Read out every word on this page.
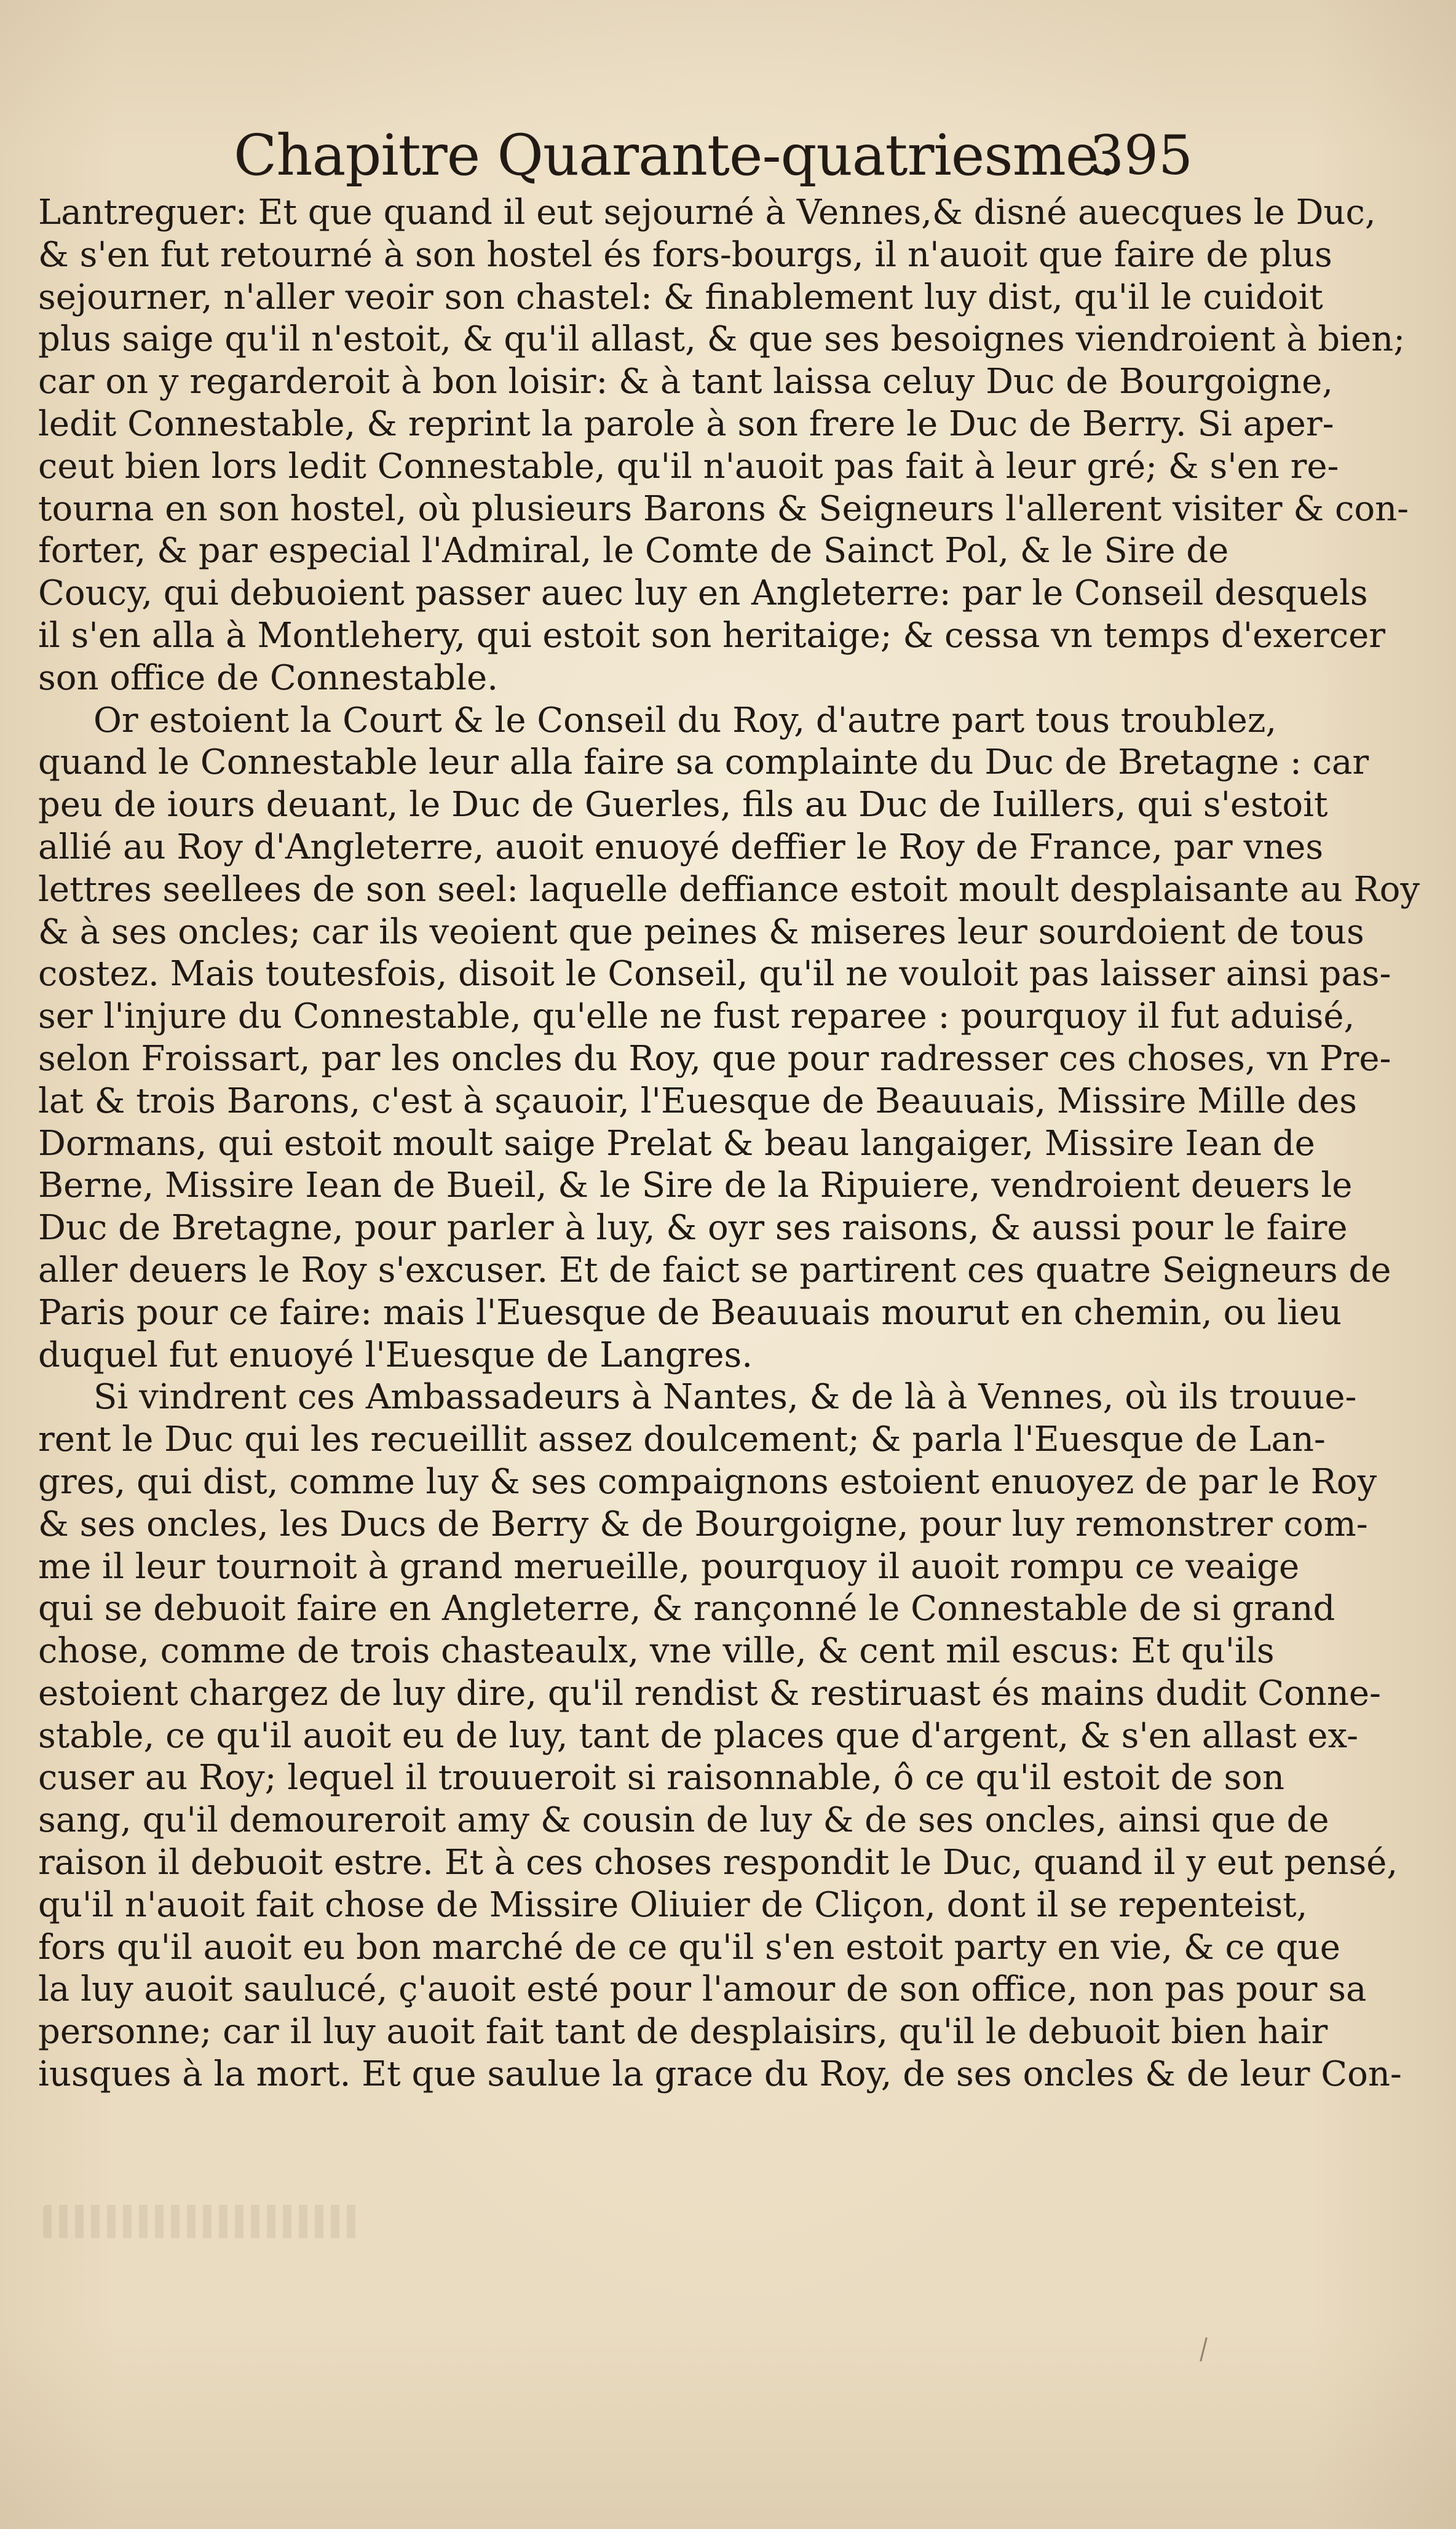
Chapitre Quarante-quatriesme.
395
Lantreguer: Et que quand il eut sejourné à Vennes,& disné auecques le Duc,
& s'en fut retourné à son hostel és fors-bourgs, il n'auoit que faire de plus
sejourner, n'aller veoir son chastel: & finablement luy dist, qu'il le cuidoit
plus saige qu'il n'estoit, & qu'il allast, & que ses besoignes viendroient à bien;
car on y regarderoit à bon loisir: & à tant laissa celuy Duc de Bourgoigne,
ledit Connestable, & reprint la parole à son frere le Duc de Berry. Si aper-
ceut bien lors ledit Connestable, qu'il n'auoit pas fait à leur gré; & s'en re-
tourna en son hostel, où plusieurs Barons & Seigneurs l'allerent visiter & con-
forter, & par especial l'Admiral, le Comte de Sainct Pol, & le Sire de
Coucy, qui debuoient passer auec luy en Angleterre: par le Conseil desquels
il s'en alla à Montlehery, qui estoit son heritaige; & cessa vn temps d'exercer
son office de Connestable.
Or estoient la Court & le Conseil du Roy, d'autre part tous troublez,
quand le Connestable leur alla faire sa complainte du Duc de Bretagne : car
peu de iours deuant, le Duc de Guerles, fils au Duc de Iuillers, qui s'estoit
allié au Roy d'Angleterre, auoit enuoyé deffier le Roy de France, par vnes
lettres seellees de son seel: laquelle deffiance estoit moult desplaisante au Roy
& à ses oncles; car ils veoient que peines & miseres leur sourdoient de tous
costez. Mais toutesfois, disoit le Conseil, qu'il ne vouloit pas laisser ainsi pas-
ser l'injure du Connestable, qu'elle ne fust reparee : pourquoy il fut aduisé,
selon Froissart, par les oncles du Roy, que pour radresser ces choses, vn Pre-
lat & trois Barons, c'est à sçauoir, l'Euesque de Beauuais, Missire Mille des
Dormans, qui estoit moult saige Prelat & beau langaiger, Missire Iean de
Berne, Missire Iean de Bueil, & le Sire de la Ripuiere, vendroient deuers le
Duc de Bretagne, pour parler à luy, & oyr ses raisons, & aussi pour le faire
aller deuers le Roy s'excuser. Et de faict se partirent ces quatre Seigneurs de
Paris pour ce faire: mais l'Euesque de Beauuais mourut en chemin, ou lieu
duquel fut enuoyé l'Euesque de Langres.
Si vindrent ces Ambassadeurs à Nantes, & de là à Vennes, où ils trouue-
rent le Duc qui les recueillit assez doulcement; & parla l'Euesque de Lan-
gres, qui dist, comme luy & ses compaignons estoient enuoyez de par le Roy
& ses oncles, les Ducs de Berry & de Bourgoigne, pour luy remonstrer com-
me il leur tournoit à grand merueille, pourquoy il auoit rompu ce veaige
qui se debuoit faire en Angleterre, & rançonné le Connestable de si grand
chose, comme de trois chasteaulx, vne ville, & cent mil escus: Et qu'ils
estoient chargez de luy dire, qu'il rendist & restiruast és mains dudit Conne-
stable, ce qu'il auoit eu de luy, tant de places que d'argent, & s'en allast ex-
cuser au Roy; lequel il trouueroit si raisonnable, ô ce qu'il estoit de son
sang, qu'il demoureroit amy & cousin de luy & de ses oncles, ainsi que de
raison il debuoit estre. Et à ces choses respondit le Duc, quand il y eut pensé,
qu'il n'auoit fait chose de Missire Oliuier de Cliçon, dont il se repenteist,
fors qu'il auoit eu bon marché de ce qu'il s'en estoit party en vie, & ce que
la luy auoit saulucé, ç'auoit esté pour l'amour de son office, non pas pour sa
personne; car il luy auoit fait tant de desplaisirs, qu'il le debuoit bien hair
iusques à la mort. Et que saulue la grace du Roy, de ses oncles & de leur Con-
